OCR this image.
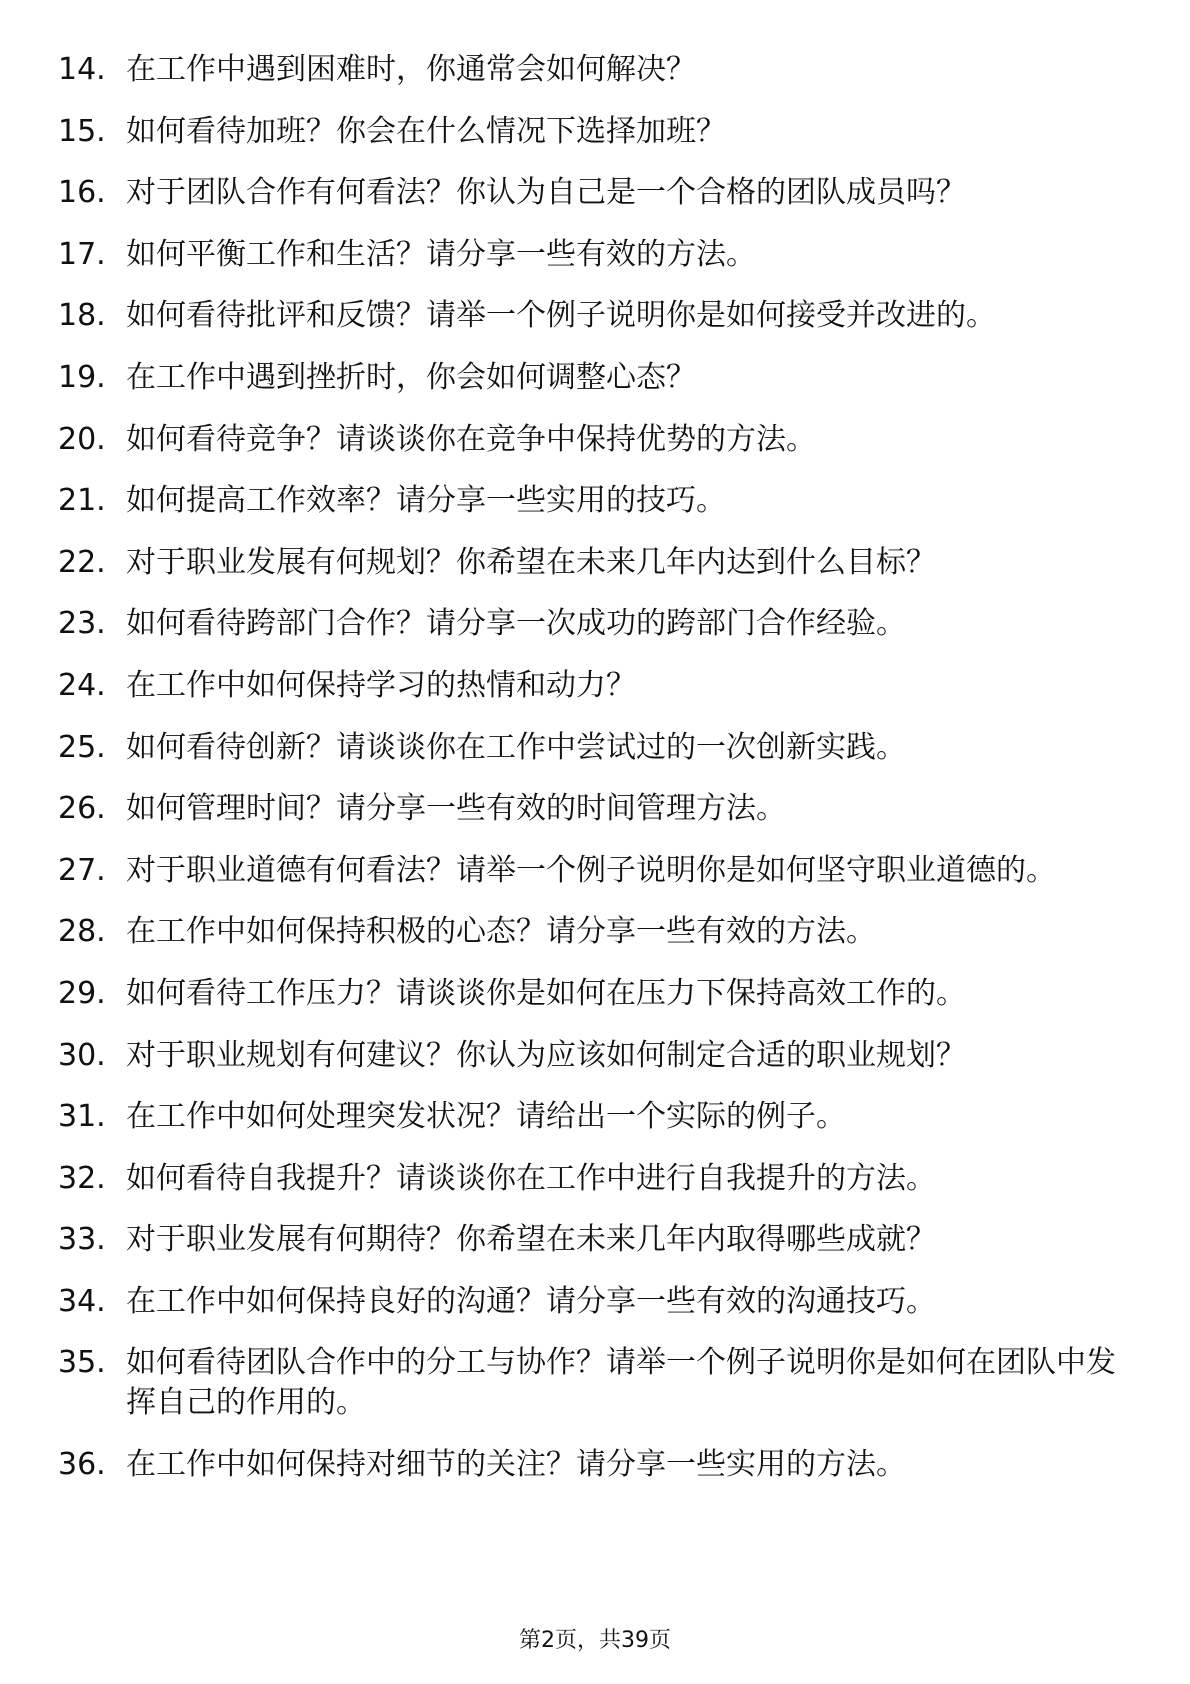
14. 在工作中遇到困难时，你通常会如何解决？
15. 如何看待加班？你会在什么情况下选择加班？
16. 对于团队合作有何看法？你认为自己是一个合格的团队成员吗？
17. 如何平衡工作和生活？请分享一些有效的方法。
18. 如何看待批评和反馈？请举一个例子说明你是如何接受并改进的。
19. 在工作中遇到挫折时，你会如何调整心态？
20. 如何看待竞争？请谈谈你在竞争中保持优势的方法。
21. 如何提高工作效率？请分享一些实用的技巧。
22. 对于职业发展有何规划？你希望在未来几年内达到什么目标？
23. 如何看待跨部门合作？请分享一次成功的跨部门合作经验。
24. 在工作中如何保持学习的热情和动力？
25. 如何看待创新？请谈谈你在工作中尝试过的一次创新实践。
26. 如何管理时间？请分享一些有效的时间管理方法。
27. 对于职业道德有何看法？请举一个例子说明你是如何坚守职业道德的。
28. 在工作中如何保持积极的心态？请分享一些有效的方法。
29. 如何看待工作压力？请谈谈你是如何在压力下保持高效工作的。
30. 对于职业规划有何建议？你认为应该如何制定合适的职业规划？
31. 在工作中如何处理突发状况？请给出一个实际的例子。
32. 如何看待自我提升？请谈谈你在工作中进行自我提升的方法。
33. 对于职业发展有何期待？你希望在未来几年内取得哪些成就？
34. 在工作中如何保持良好的沟通？请分享一些有效的沟通技巧。
35. 如何看待团队合作中的分工与协作？请举一个例子说明你是如何在团队中发挥自己的作用的。
36. 在工作中如何保持对细节的关注？请分享一些实用的方法。
第2页，共39页
